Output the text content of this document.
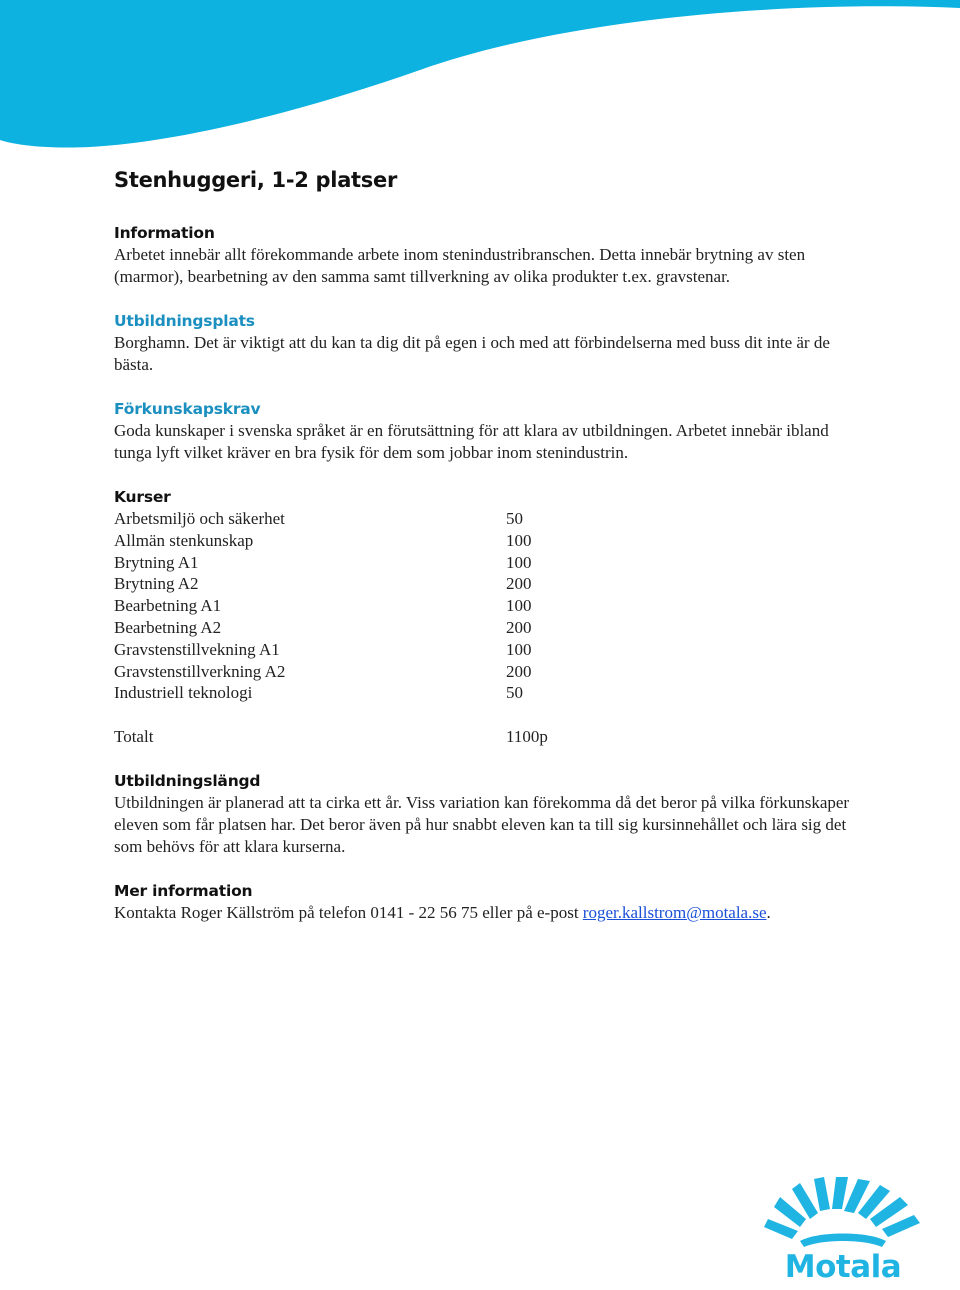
Stenhuggeri, 1-2 platser
Information
Arbetet innebär allt förekommande arbete inom stenindustribranschen. Detta innebär brytning av sten (marmor), bearbetning av den samma samt tillverkning av olika produkter t.ex. gravstenar.
Utbildningsplats
Borghamn. Det är viktigt att du kan ta dig dit på egen i och med att förbindelserna med buss dit inte är de bästa.
Förkunskapskrav
Goda kunskaper i svenska språket är en förutsättning för att klara av utbildningen. Arbetet innebär ibland tunga lyft vilket kräver en bra fysik för dem som jobbar inom stenindustrin.
Kurser
Arbetsmiljö och säkerhet	50
Allmän stenkunskap	100
Brytning A1	100
Brytning A2	200
Bearbetning A1	100
Bearbetning A2	200
Gravstenstillvekning A1	100
Gravstenstillverkning A2	200
Industriell teknologi	50
Totalt	1100p
Utbildningslängd
Utbildningen är planerad att ta cirka ett år. Viss variation kan förekomma då det beror på vilka förkunskaper eleven som får platsen har. Det beror även på hur snabbt eleven kan ta till sig kursinnehållet och lära sig det som behövs för att klara kurserna.
Mer information
Kontakta Roger Källström på telefon 0141 - 22 56 75 eller på e-post roger.kallstrom@motala.se.
Motala
